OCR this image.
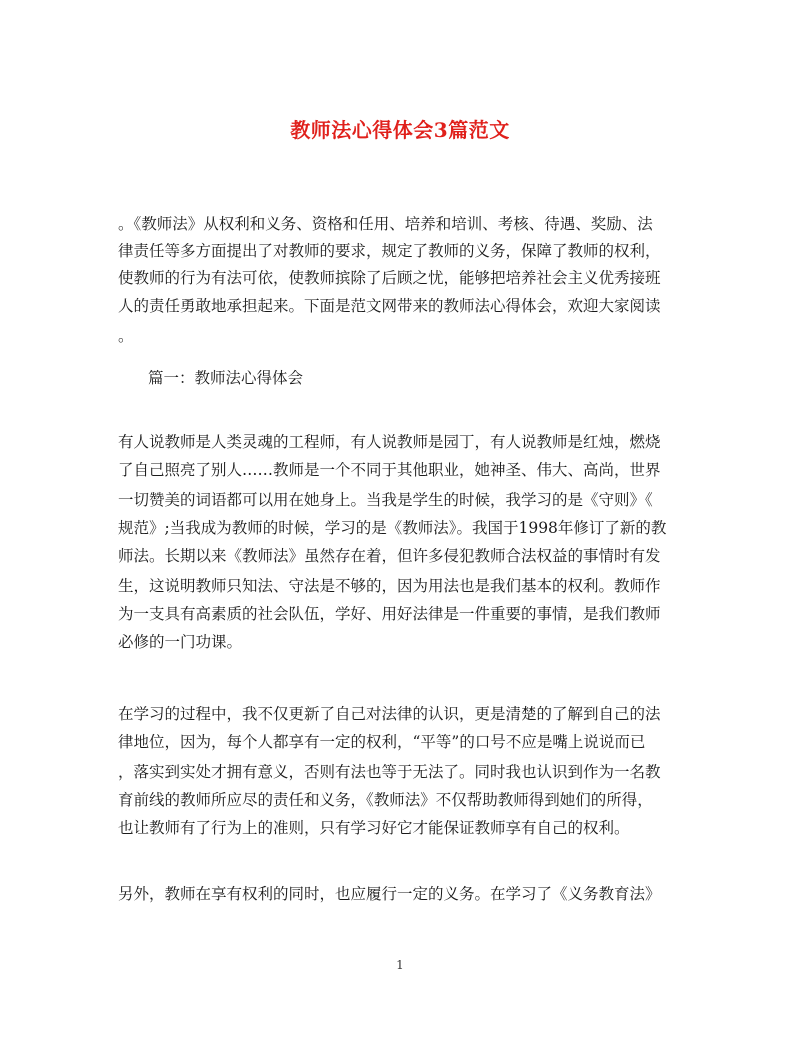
教师法心得体会3篇范文
。《教师法》从权利和义务、资格和任用、培养和培训、考核、待遇、奖励、法
律责任等多方面提出了对教师的要求，规定了教师的义务，保障了教师的权利，
使教师的行为有法可依，使教师摈除了后顾之忧，能够把培养社会主义优秀接班
人的责任勇敢地承担起来。下面是范文网带来的教师法心得体会，欢迎大家阅读
。
篇一：教师法心得体会
有人说教师是人类灵魂的工程师，有人说教师是园丁，有人说教师是红烛，燃烧
了自己照亮了别人……教师是一个不同于其他职业，她神圣、伟大、高尚，世界
一切赞美的词语都可以用在她身上。当我是学生的时候，我学习的是《守则》《
规范》;当我成为教师的时候，学习的是《教师法》。我国于1998年修订了新的教
师法。长期以来《教师法》虽然存在着，但许多侵犯教师合法权益的事情时有发
生，这说明教师只知法、守法是不够的，因为用法也是我们基本的权利。教师作
为一支具有高素质的社会队伍，学好、用好法律是一件重要的事情，是我们教师
必修的一门功课。
在学习的过程中，我不仅更新了自己对法律的认识，更是清楚的了解到自己的法
律地位，因为，每个人都享有一定的权利，“平等”的口号不应是嘴上说说而已
，落实到实处才拥有意义，否则有法也等于无法了。同时我也认识到作为一名教
育前线的教师所应尽的责任和义务，《教师法》不仅帮助教师得到她们的所得，
也让教师有了行为上的准则，只有学习好它才能保证教师享有自己的权利。
另外，教师在享有权利的同时，也应履行一定的义务。在学习了《义务教育法》
1
